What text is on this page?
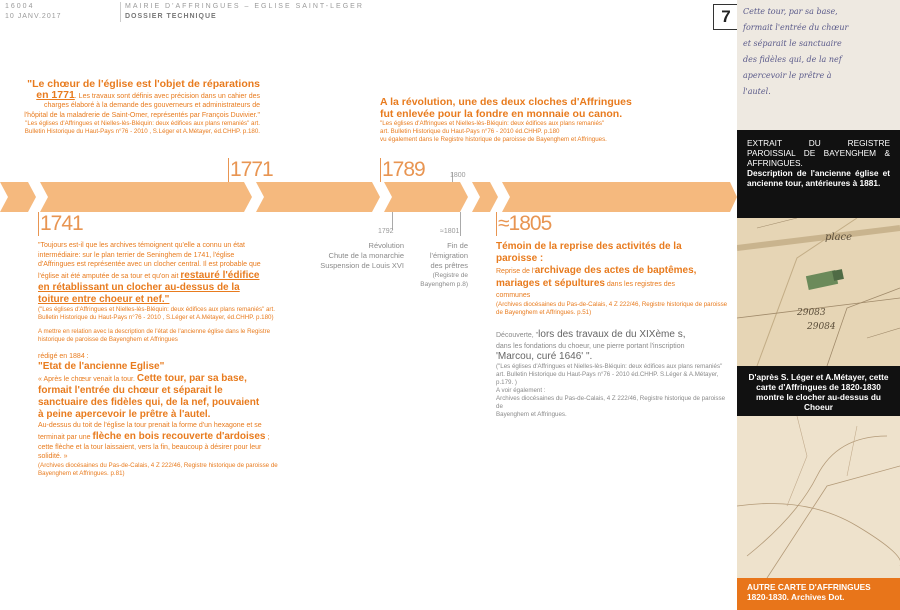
16004
10 JANV.2017
MAIRIE D'AFFRINGUES – EGLISE SAINT-LEGER
DOSSIER TECHNIQUE	7
"Le chœur de l'église est l'objet de réparations
en 1771. Les travaux sont définis avec précision dans un cahier des
charges élaboré à la demande des gouverneurs et administrateurs de
l'hôpital de la maladrerie de Saint-Omer, représentés par François Duvivier."
"Les églises d'Affringues et Nielles-lès-Bléquin: deux édifices aux plans remaniés" art.
Bulletin Historique du Haut-Pays n°76 - 2010 , S.Léger et A.Métayer, éd.CHHP. p.180.
A la révolution, une des deux cloches d'Affringues
fut enlevée pour la fondre en monnaie ou canon.
"Les églises d'Affringues et Nielles-lès-Bléquin: deux édifices aux plans remaniés"
art. Bulletin Historique du Haut-Pays n°76 - 2010 éd.CHHP. p.180
vu également dans le Registre historique de paroisse de Bayenghem et Affringues.
1771	1789	1800
1741	1792	≈1801 ≈1805
Révolution
Chute de la monarchie
Suspension de Louis XVI
Fin de
l'émigration
des prêtres
(Registre de
Bayenghem p.8)
"Toujours est-il que les archives témoignent qu'elle a connu un état
intermédiaire: sur le plan terrier de Seninghem de 1741, l'église
d'Affringues est représentée avec un clocher central. Il est probable que
l'église ait été amputée de sa tour et qu'on ait restauré l'édifice
en rétablissant un clocher au-dessus de la
toiture entre choeur et nef."
("Les églises d'Affringues et Nielles-lès-Bléquin: deux édifices aux plans remaniés" art.
Bulletin Historique du Haut-Pays n°76 - 2010 , S.Léger et A.Métayer, éd.CHHP. p.180)
A mettre en relation avec la description de l'état de l'ancienne église dans le Registre
historique de paroisse de Bayenghem et Affringues
rédigé en 1884 :
"Etat de l'ancienne Eglise"
« Après le chœur venait la tour. Cette tour, par sa base,
formait l'entrée du chœur et séparait le
sanctuaire des fidèles qui, de la nef, pouvaient
à peine apercevoir le prêtre à l'autel.
Au-dessus du toit de l'église la tour prenait la forme d'un hexagone et se
terminait par une flèche en bois recouverte d'ardoises ;
cette flèche et la tour laissaient, vers la fin, beaucoup à désirer pour leur
solidité. »
(Archives diocésaines du Pas-de-Calais, 4 Z 222/46, Registre historique de paroisse de
Bayenghem et Affringues. p.81)
Témoin de la reprise des activités de la
paroisse :
Reprise de l'archivage des actes de baptêmes,
mariages et sépultures dans les registres des
communes
(Archives diocésaines du Pas-de-Calais, 4 Z 222/46, Registre historique de paroisse
de Bayenghem et Affringues. p.51)
Découverte, "lors des travaux de du XIXème s,
dans les fondations du choeur, une pierre portant l'inscription
'Marcou, curé 1646' ".
("Les églises d'Affringues et Nielles-lès-Bléquin: deux édifices aux plans remaniés"
art. Bulletin Historique du Haut-Pays n°76 - 2010 éd.CHHP. S.Léger & A.Métayer,
p.179. )
A voir également :
Archives diocésaines du Pas-de-Calais, 4 Z 222/46, Registre historique de paroisse de
Bayenghem et Affringues.
Cette tour, par sa base,
formait l'entrée du chœur
et séparait le sanctuaire
des fidèles qui, de la nef
apercevoir le prêtre à
l'autel.
EXTRAIT DU REGISTRE PAROISSIAL DE BAYENGHEM & AFFRINGUES.
Description de l'ancienne église et ancienne tour, antérieures à 1881.
place
29083
29084
D'après S. Léger et A.Métayer, cette carte d'Affringues de 1820-1830 montre le clocher au-dessus du Choeur
AUTRE CARTE D'AFFRINGUES 1820-1830. Archives Dot.
